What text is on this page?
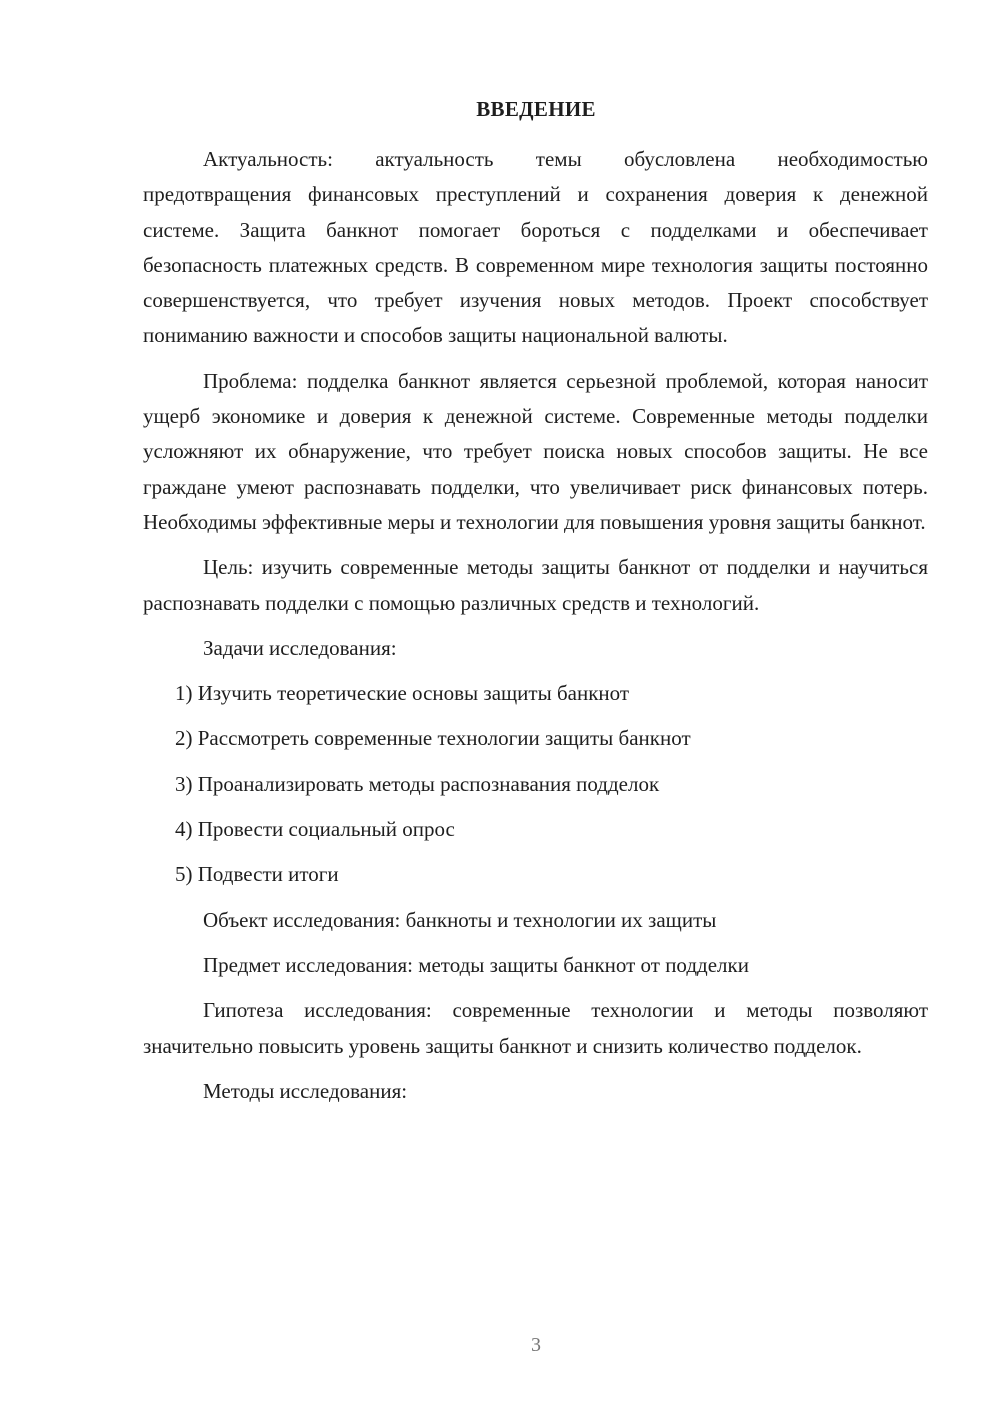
ВВЕДЕНИЕ

Актуальность: актуальность темы обусловлена необходимостью предотвращения финансовых преступлений и сохранения доверия к денежной системе. Защита банкнот помогает бороться с подделками и обеспечивает безопасность платежных средств. В современном мире технология защиты постоянно совершенствуется, что требует изучения новых методов. Проект способствует пониманию важности и способов защиты национальной валюты.

Проблема: подделка банкнот является серьезной проблемой, которая наносит ущерб экономике и доверия к денежной системе. Современные методы подделки усложняют их обнаружение, что требует поиска новых способов защиты. Не все граждане умеют распознавать подделки, что увеличивает риск финансовых потерь. Необходимы эффективные меры и технологии для повышения уровня защиты банкнот.

Цель: изучить современные методы защиты банкнот от подделки и научиться распознавать подделки с помощью различных средств и технологий.

Задачи исследования:

1) Изучить теоретические основы защиты банкнот

2) Рассмотреть современные технологии защиты банкнот

3) Проанализировать методы распознавания подделок

4) Провести социальный опрос

5) Подвести итоги

Объект исследования: банкноты и технологии их защиты

Предмет исследования: методы защиты банкнот от подделки

Гипотеза исследования: современные технологии и методы позволяют значительно повысить уровень защиты банкнот и снизить количество подделок.

Методы исследования:

3
